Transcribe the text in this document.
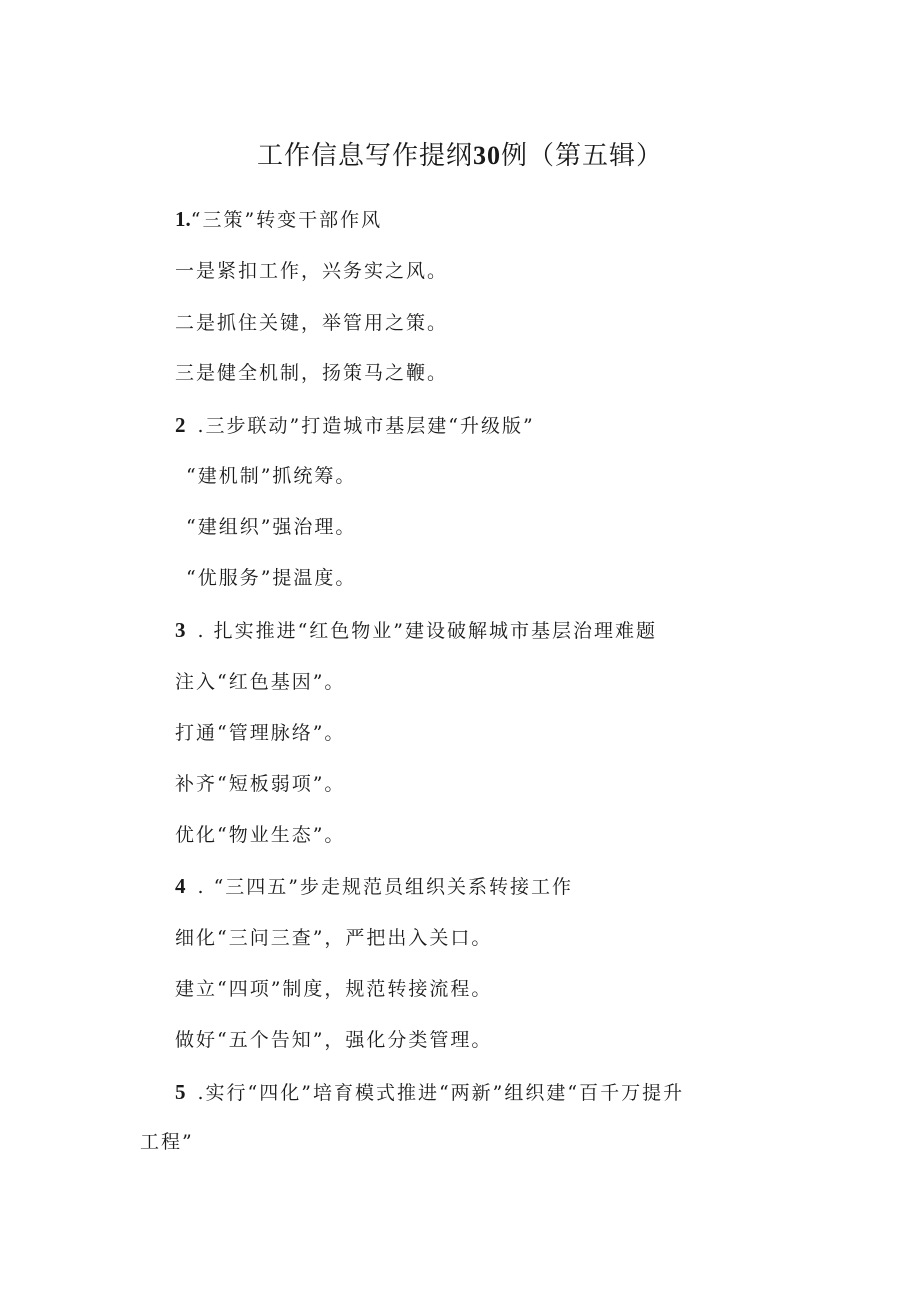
工作信息写作提纲30例（第五辑）
1.“三策”转变干部作风
一是紧扣工作，兴务实之风。
二是抓住关键，举管用之策。
三是健全机制，扬策马之鞭。
2 .三步联动”打造城市基层建“升级版”
“建机制”抓统筹。
“建组织”强治理。
“优服务”提温度。
3 . 扎实推进“红色物业”建设破解城市基层治理难题
注入“红色基因”。
打通“管理脉络”。
补齐“短板弱项”。
优化“物业生态”。
4 . “三四五”步走规范员组织关系转接工作
细化“三问三查”，严把出入关口。
建立“四项”制度，规范转接流程。
做好“五个告知”，强化分类管理。
5 .实行“四化”培育模式推进“两新”组织建“百千万提升
工程”
